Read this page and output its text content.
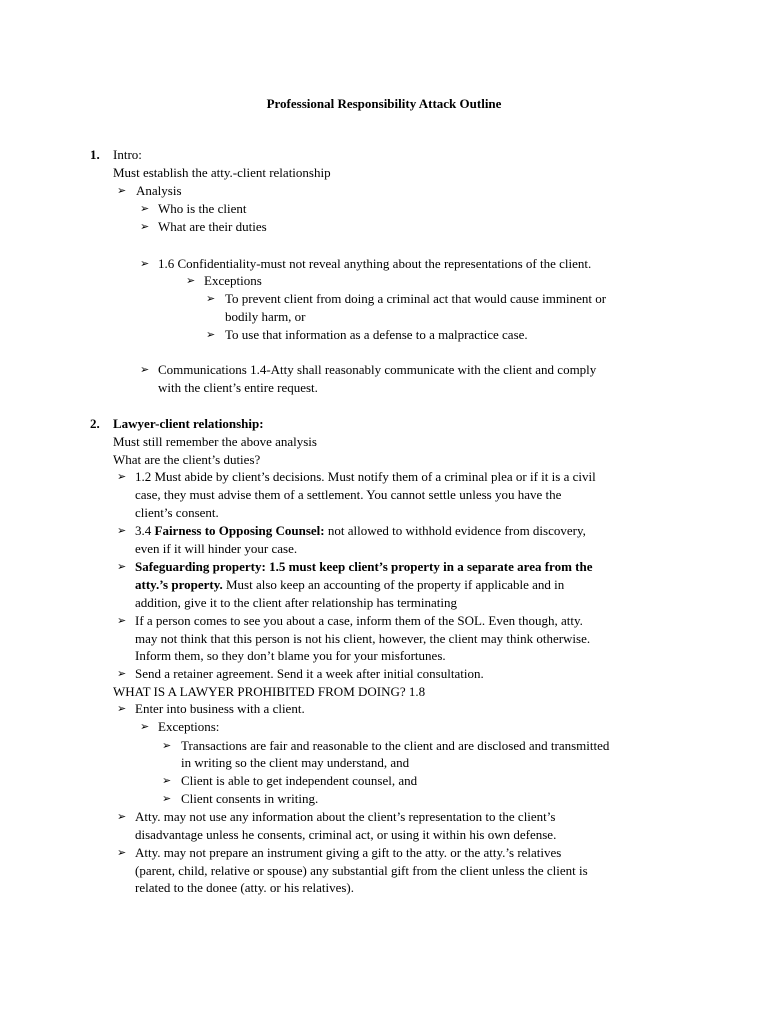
Professional Responsibility Attack Outline
1. Intro:
Must establish the atty.-client relationship
➢ Analysis
➢ Who is the client
➢ What are their duties
➢ 1.6 Confidentiality-must not reveal anything about the representations of the client.
➢ Exceptions
➢ To prevent client from doing a criminal act that would cause imminent or
bodily harm, or
➢ To use that information as a defense to a malpractice case.
➢ Communications 1.4-Atty shall reasonably communicate with the client and comply
with the client’s entire request.
2. Lawyer-client relationship:
Must still remember the above analysis
What are the client’s duties?
➢ 1.2 Must abide by client’s decisions. Must notify them of a criminal plea or if it is a civil
case, they must advise them of a settlement. You cannot settle unless you have the
client’s consent.
➢ 3.4 Fairness to Opposing Counsel: not allowed to withhold evidence from discovery,
even if it will hinder your case.
➢ Safeguarding property: 1.5 must keep client’s property in a separate area from the
atty.’s property. Must also keep an accounting of the property if applicable and in
addition, give it to the client after relationship has terminating
➢ If a person comes to see you about a case, inform them of the SOL. Even though, atty.
may not think that this person is not his client, however, the client may think otherwise.
Inform them, so they don’t blame you for your misfortunes.
➢ Send a retainer agreement. Send it a week after initial consultation.
WHAT IS A LAWYER PROHIBITED FROM DOING? 1.8
➢ Enter into business with a client.
➢ Exceptions:
➢ Transactions are fair and reasonable to the client and are disclosed and transmitted
in writing so the client may understand, and
➢ Client is able to get independent counsel, and
➢ Client consents in writing.
➢ Atty. may not use any information about the client’s representation to the client’s
disadvantage unless he consents, criminal act, or using it within his own defense.
➢ Atty. may not prepare an instrument giving a gift to the atty. or the atty.’s relatives
(parent, child, relative or spouse) any substantial gift from the client unless the client is
related to the donee (atty. or his relatives).
